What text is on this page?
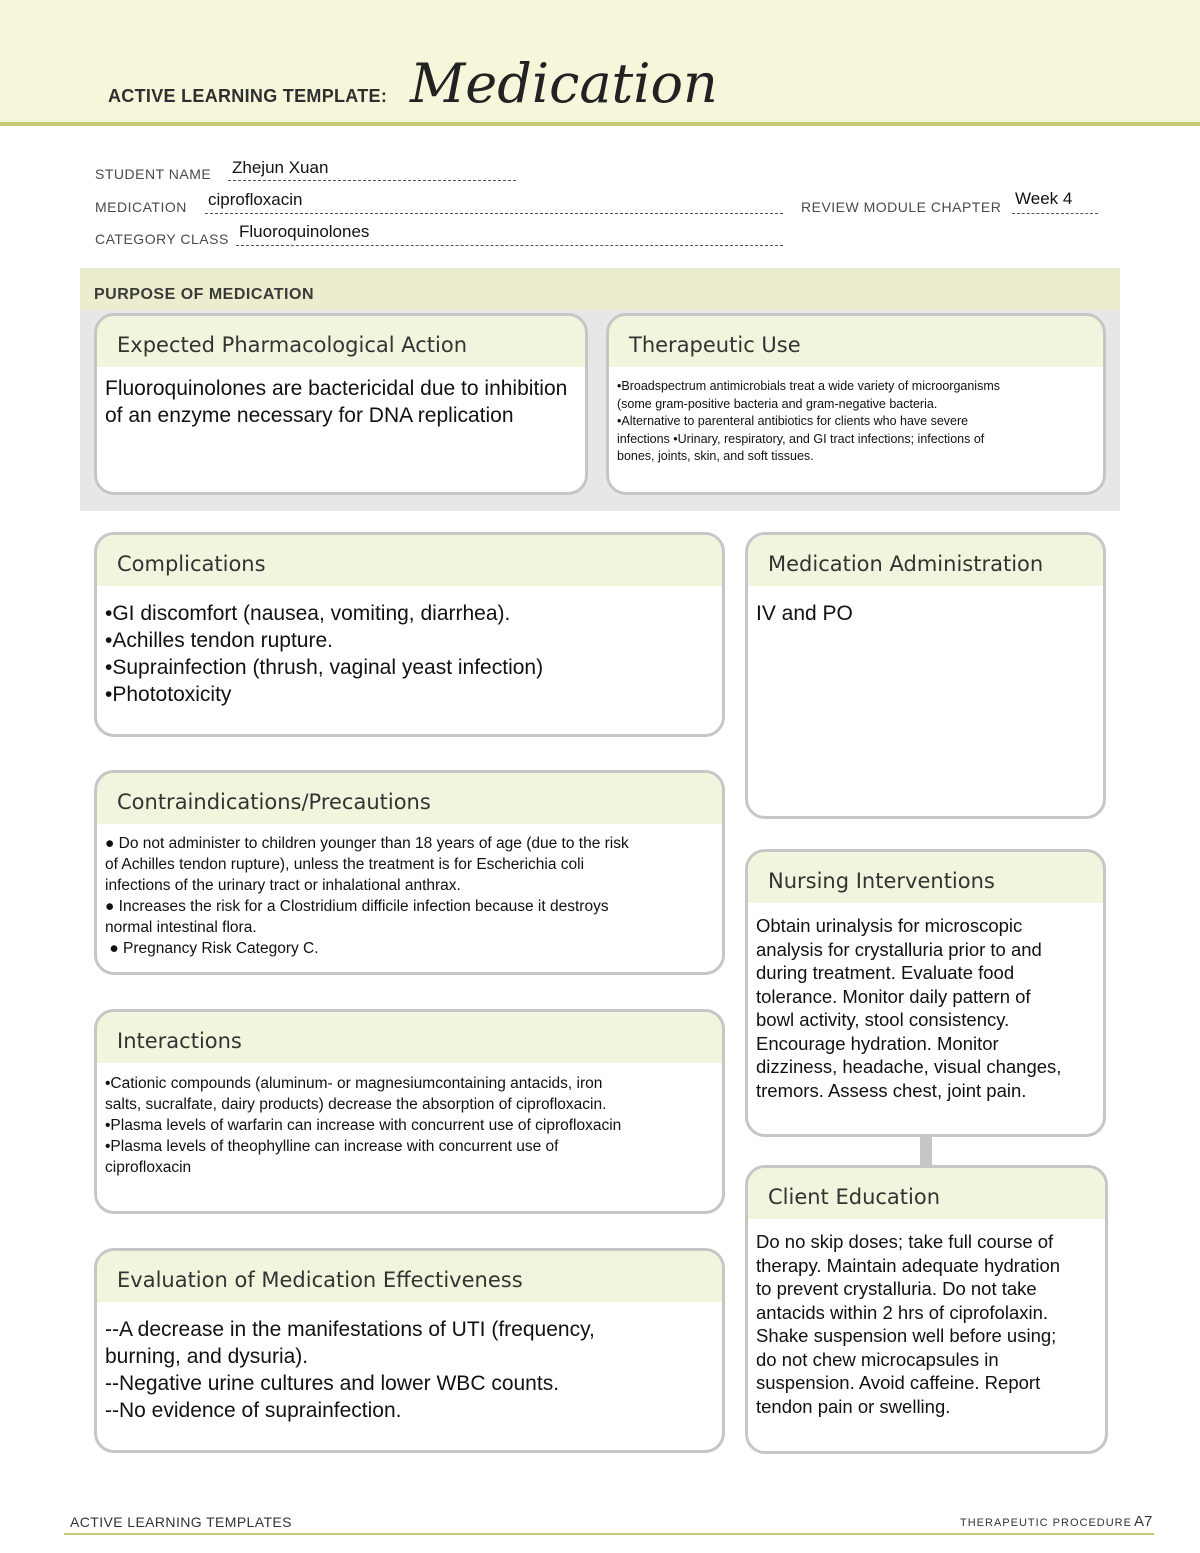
ACTIVE LEARNING TEMPLATE: Medication
STUDENT NAME Zhejun Xuan
MEDICATION ciprofloxacin	REVIEW MODULE CHAPTER Week 4
CATEGORY CLASS Fluoroquinolones
PURPOSE OF MEDICATION
Expected Pharmacological Action
Fluoroquinolones are bactericidal due to inhibition of an enzyme necessary for DNA replication
Therapeutic Use
•Broadspectrum antimicrobials treat a wide variety of microorganisms
(some gram-positive bacteria and gram-negative bacteria.
•Alternative to parenteral antibiotics for clients who have severe
infections •Urinary, respiratory, and GI tract infections; infections of
bones, joints, skin, and soft tissues.
Complications
•GI discomfort (nausea, vomiting, diarrhea).
•Achilles tendon rupture.
•Suprainfection (thrush, vaginal yeast infection)
•Phototoxicity
Medication Administration
IV and PO
Contraindications/Precautions
● Do not administer to children younger than 18 years of age (due to the risk
of Achilles tendon rupture), unless the treatment is for Escherichia coli
infections of the urinary tract or inhalational anthrax.
● Increases the risk for a Clostridium difficile infection because it destroys
normal intestinal flora.
● Pregnancy Risk Category C.
Nursing Interventions
Obtain urinalysis for microscopic
analysis for crystalluria prior to and
during treatment. Evaluate food
tolerance. Monitor daily pattern of
bowl activity, stool consistency.
Encourage hydration. Monitor
dizziness, headache, visual changes,
tremors. Assess chest, joint pain.
Interactions
•Cationic compounds (aluminum- or magnesiumcontaining antacids, iron
salts, sucralfate, dairy products) decrease the absorption of ciprofloxacin.
•Plasma levels of warfarin can increase with concurrent use of ciprofloxacin
•Plasma levels of theophylline can increase with concurrent use of
ciprofloxacin
Client Education
Do no skip doses; take full course of
therapy. Maintain adequate hydration
to prevent crystalluria. Do not take
antacids within 2 hrs of ciprofolaxin.
Shake suspension well before using;
do not chew microcapsules in
suspension. Avoid caffeine. Report
tendon pain or swelling.
Evaluation of Medication Effectiveness
--A decrease in the manifestations of UTI (frequency,
burning, and dysuria).
--Negative urine cultures and lower WBC counts.
--No evidence of suprainfection.
ACTIVE LEARNING TEMPLATES	THERAPEUTIC PROCEDURE A7
